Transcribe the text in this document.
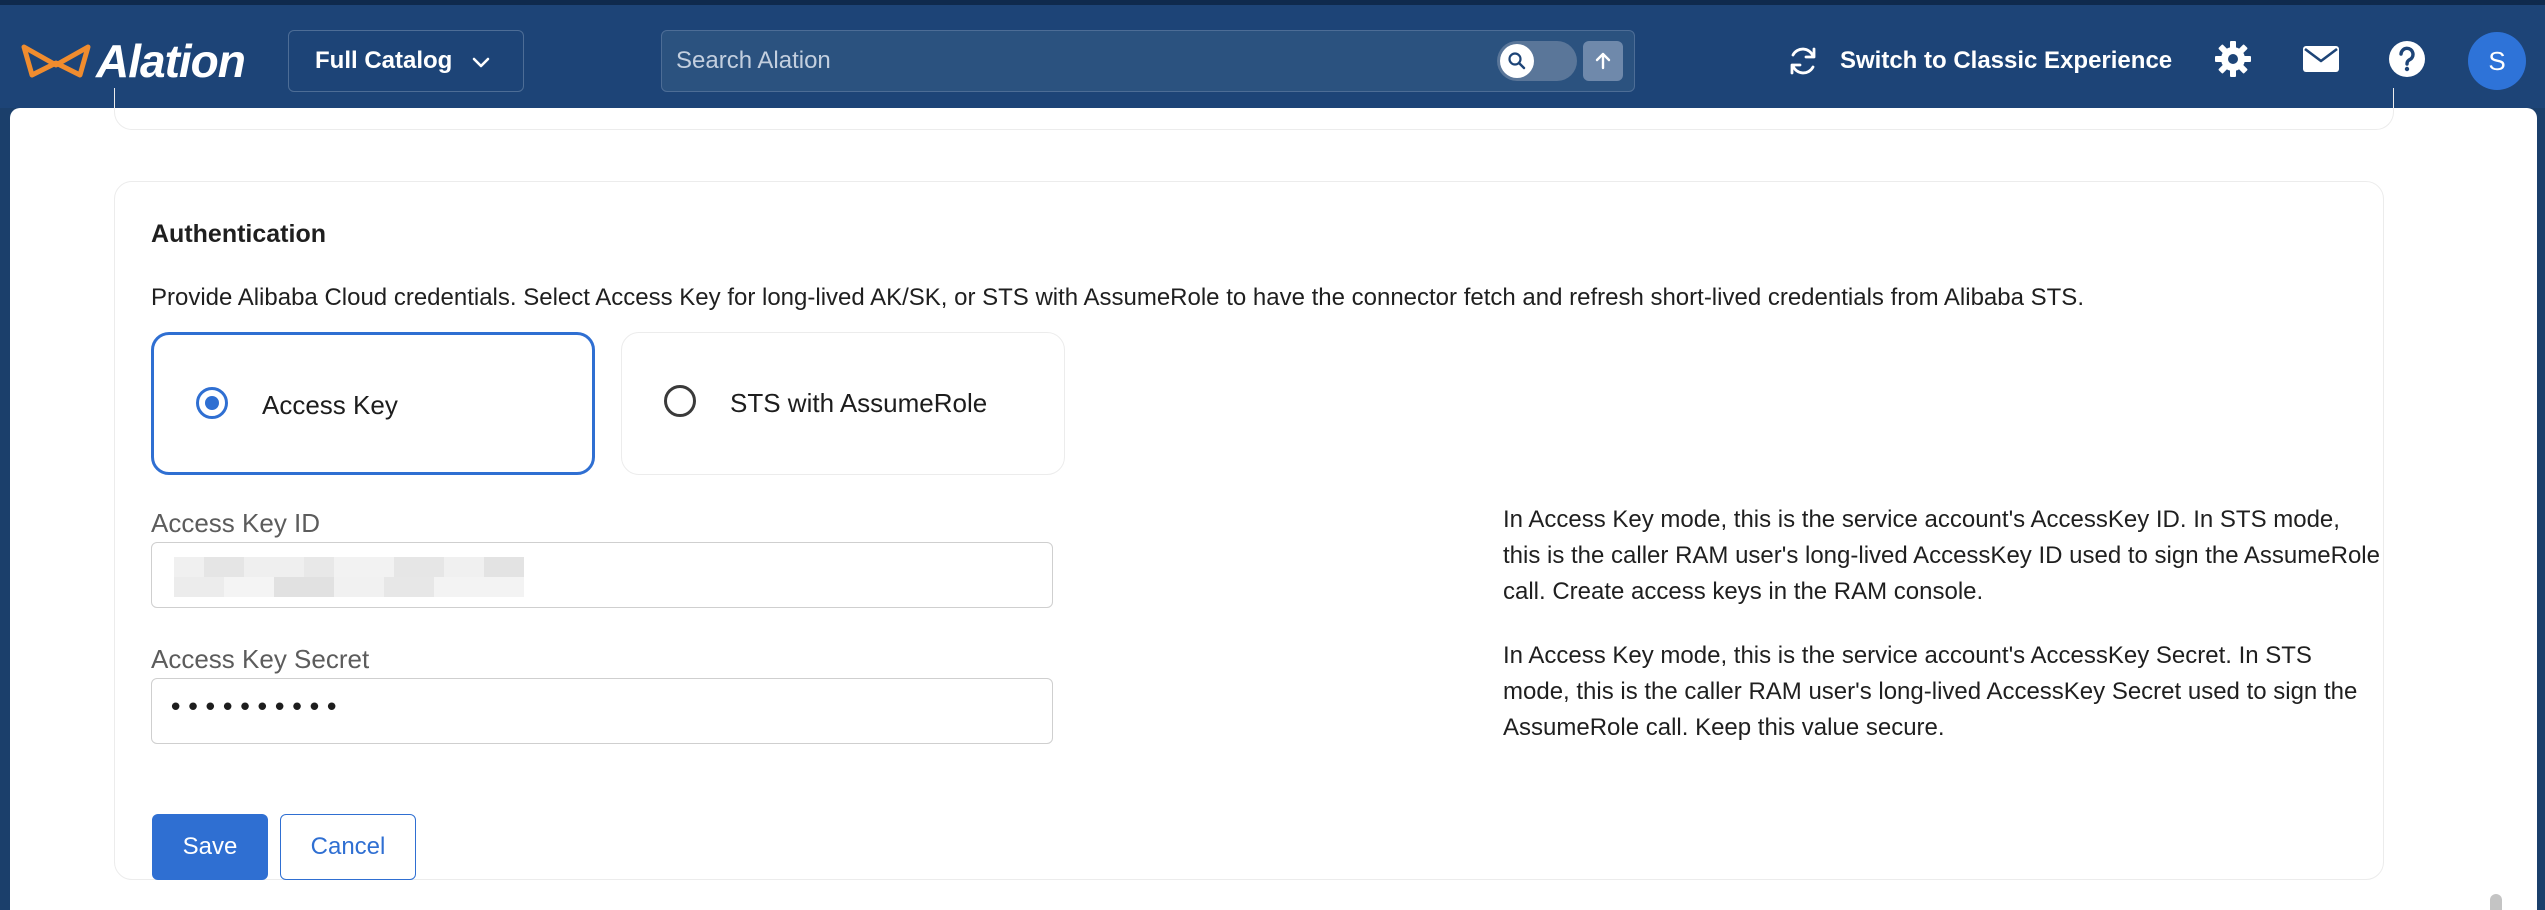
Alation	Full Catalog
Search Alation	Switch to Classic Experience	S
Authentication

Provide Alibaba Cloud credentials. Select Access Key for long-lived AK/SK, or STS with AssumeRole to have the connector fetch and refresh short-lived credentials from Alibaba STS.

Access Key	STS with AssumeRole
Access Key ID	In Access Key mode, this is the service account's AccessKey ID. In STS mode, this is the caller RAM user's long-lived AccessKey ID used to sign the AssumeRole call. Create access keys in the RAM console.

Access Key Secret
••••••••••

In Access Key mode, this is the service account's AccessKey Secret. In STS mode, this is the caller RAM user's long-lived AccessKey Secret used to sign the AssumeRole call. Keep this value secure.

Save	Cancel
